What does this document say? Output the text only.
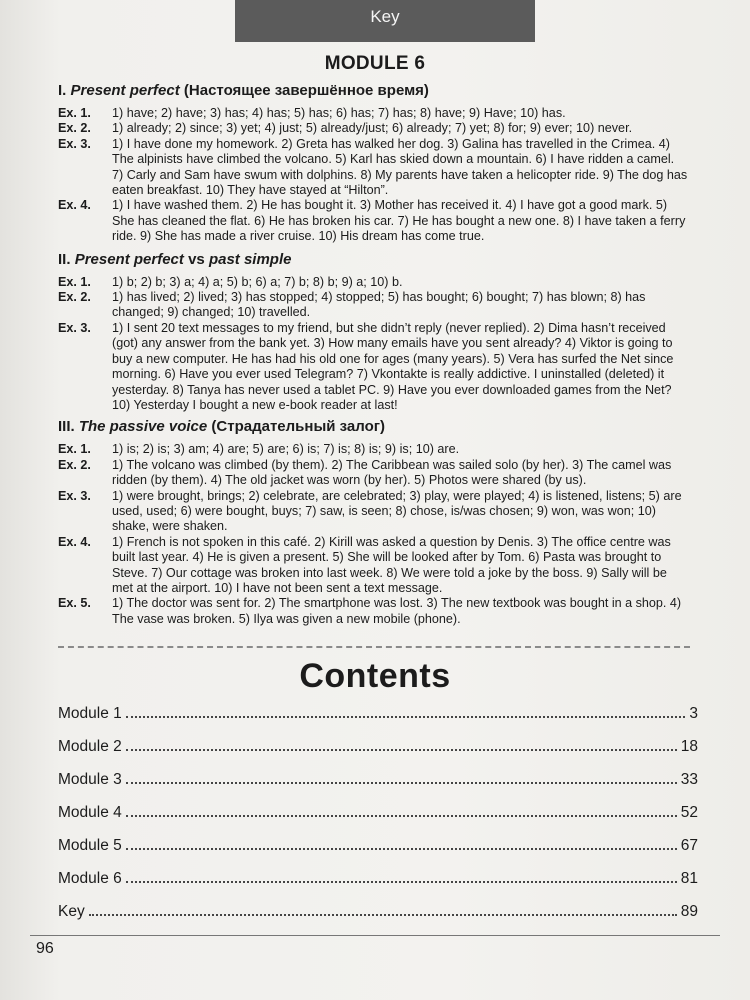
Key
MODULE 6
I. Present perfect (Настоящее завершённое время)
Ex. 1.	1) have; 2) have; 3) has; 4) has; 5) has; 6) has; 7) has; 8) have; 9) Have; 10) has.
Ex. 2.	1) already; 2) since; 3) yet; 4) just; 5) already/just; 6) already; 7) yet; 8) for; 9) ever; 10) never.
Ex. 3.	1) I have done my homework. 2) Greta has walked her dog. 3) Galina has travelled in the Crimea. 4) The alpinists have climbed the volcano. 5) Karl has skied down a mountain. 6) I have ridden a camel. 7) Carly and Sam have swum with dolphins. 8) My parents have taken a helicopter ride. 9) The dog has eaten breakfast. 10) They have stayed at “Hilton”.
Ex. 4.	1) I have washed them. 2) He has bought it. 3) Mother has received it. 4) I have got a good mark. 5) She has cleaned the flat. 6) He has broken his car. 7) He has bought a new one. 8) I have taken a ferry ride. 9) She has made a river cruise. 10) His dream has come true.
II. Present perfect vs past simple
Ex. 1.	1) b; 2) b; 3) a; 4) a; 5) b; 6) a; 7) b; 8) b; 9) a; 10) b.
Ex. 2.	1) has lived; 2) lived; 3) has stopped; 4) stopped; 5) has bought; 6) bought; 7) has blown; 8) has changed; 9) changed; 10) travelled.
Ex. 3.	1) I sent 20 text messages to my friend, but she didn’t reply (never replied). 2) Dima hasn’t received (got) any answer from the bank yet. 3) How many emails have you sent already? 4) Viktor is going to buy a new computer. He has had his old one for ages (many years). 5) Vera has surfed the Net since morning. 6) Have you ever used Telegram? 7) Vkontakte is really addictive. I uninstalled (deleted) it yesterday. 8) Tanya has never used a tablet PC. 9) Have you ever downloaded games from the Net? 10) Yesterday I bought a new e-book reader at last!
III. The passive voice (Страдательный залог)
Ex. 1.	1) is; 2) is; 3) am; 4) are; 5) are; 6) is; 7) is; 8) is; 9) is; 10) are.
Ex. 2.	1) The volcano was climbed (by them). 2) The Caribbean was sailed solo (by her). 3) The camel was ridden (by them). 4) The old jacket was worn (by her). 5) Photos were shared (by us).
Ex. 3.	1) were brought, brings; 2) celebrate, are celebrated; 3) play, were played; 4) is listened, listens; 5) are used, used; 6) were bought, buys; 7) saw, is seen; 8) chose, is/was chosen; 9) won, was won; 10) shake, were shaken.
Ex. 4.	1) French is not spoken in this café. 2) Kirill was asked a question by Denis. 3) The office centre was built last year. 4) He is given a present. 5) She will be looked after by Tom. 6) Pasta was brought to Steve. 7) Our cottage was broken into last week. 8) We were told a joke by the boss. 9) Sally will be met at the airport. 10) I have not been sent a text message.
Ex. 5.	1) The doctor was sent for. 2) The smartphone was lost. 3) The new textbook was bought in a shop. 4) The vase was broken. 5) Ilya was given a new mobile (phone).
Contents
Module 1	3
Module 2	18
Module 3	33
Module 4	52
Module 5	67
Module 6	81
Key	89
96
